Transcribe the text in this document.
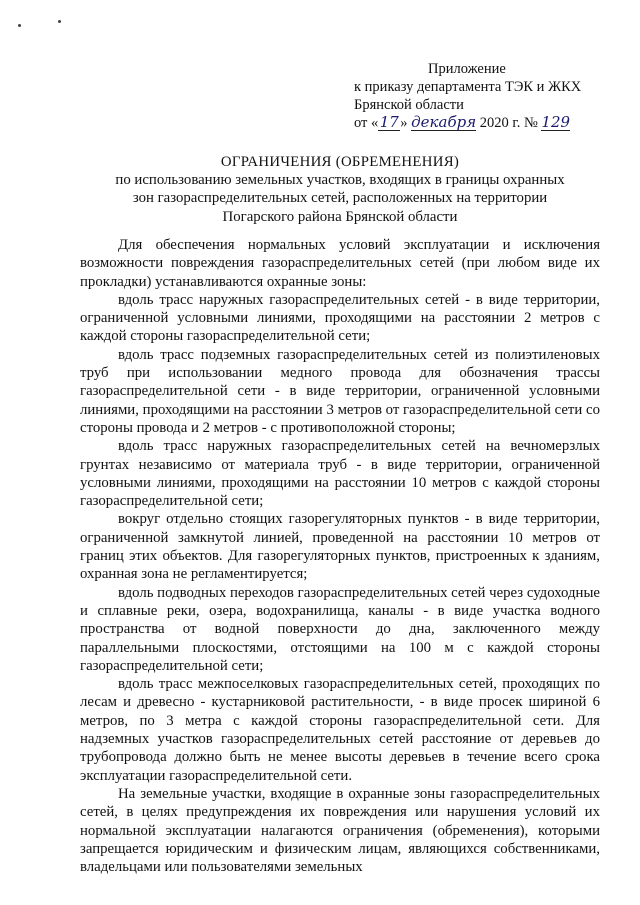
Приложение
к приказу департамента ТЭК и ЖКХ
Брянской области
от «17» декабря 2020 г. № 129
ОГРАНИЧЕНИЯ (ОБРЕМЕНЕНИЯ)
по использованию земельных участков, входящих в границы охранных
зон газораспределительных сетей, расположенных на территории
Погарского района Брянской области

Для обеспечения нормальных условий эксплуатации и исключения возможности повреждения газораспределительных сетей (при любом виде их прокладки) устанавливаются охранные зоны:

вдоль трасс наружных газораспределительных сетей - в виде территории, ограниченной условными линиями, проходящими на расстоянии 2 метров с каждой стороны газораспределительной сети;

вдоль трасс подземных газораспределительных сетей из полиэтиленовых труб при использовании медного провода для обозначения трассы газораспределительной сети - в виде территории, ограниченной условными линиями, проходящими на расстоянии 3 метров от газораспределительной сети со стороны провода и 2 метров - с противоположной стороны;

вдоль трасс наружных газораспределительных сетей на вечномерзлых грунтах независимо от материала труб - в виде территории, ограниченной условными линиями, проходящими на расстоянии 10 метров с каждой стороны газораспределительной сети;

вокруг отдельно стоящих газорегуляторных пунктов - в виде территории, ограниченной замкнутой линией, проведенной на расстоянии 10 метров от границ этих объектов. Для газорегуляторных пунктов, пристроенных к зданиям, охранная зона не регламентируется;

вдоль подводных переходов газораспределительных сетей через судоходные и сплавные реки, озера, водохранилища, каналы - в виде участка водного пространства от водной поверхности до дна, заключенного между параллельными плоскостями, отстоящими на 100 м с каждой стороны газораспределительной сети;

вдоль трасс межпоселковых газораспределительных сетей, проходящих по лесам и древесно - кустарниковой растительности, - в виде просек шириной 6 метров, по 3 метра с каждой стороны газораспределительной сети. Для надземных участков газораспределительных сетей расстояние от деревьев до трубопровода должно быть не менее высоты деревьев в течение всего срока эксплуатации газораспределительной сети.

На земельные участки, входящие в охранные зоны газораспределительных сетей, в целях предупреждения их повреждения или нарушения условий их нормальной эксплуатации налагаются ограничения (обременения), которыми запрещается юридическим и физическим лицам, являющихся собственниками, владельцами или пользователями земельных
